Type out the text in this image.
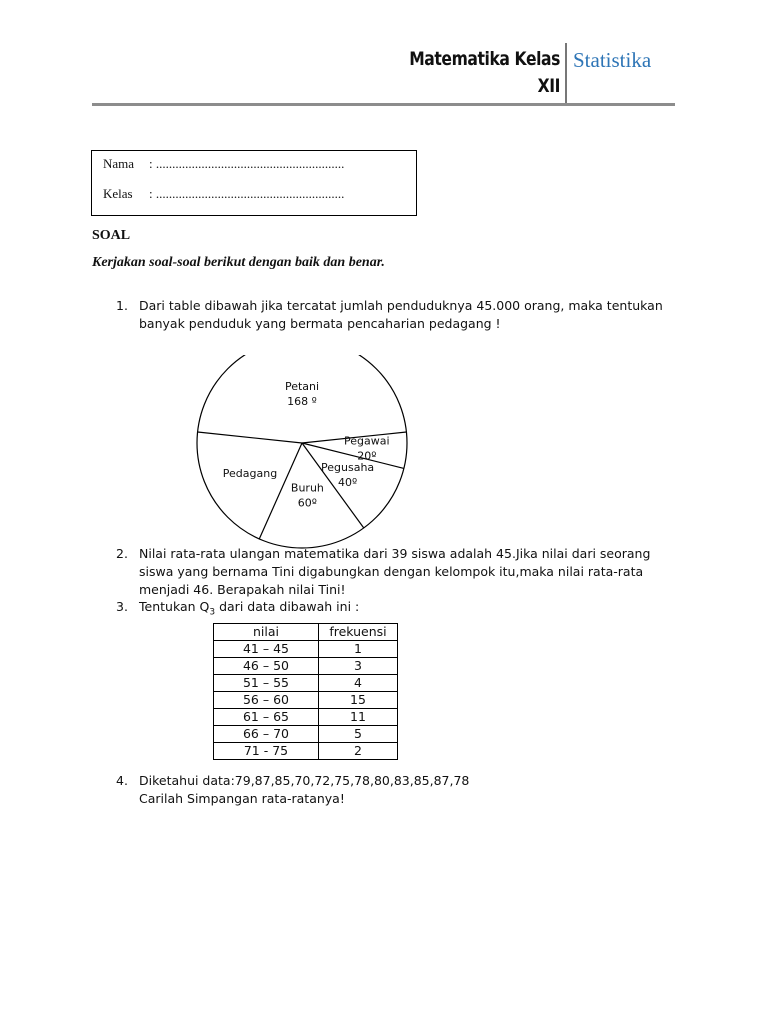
Matematika Kelas
XII
Statistika
Nama : ..........................................................
Kelas : ..........................................................
SOAL
Kerjakan soal-soal berikut dengan baik dan benar.
1. Dari table dibawah jika tercatat jumlah penduduknya 45.000 orang, maka tentukan banyak penduduk yang bermata pencaharian pedagang !
Petani
168 º
Pegawai
20º
Pegusaha
40º
Buruh
60º
Pedagang
2. Nilai rata-rata ulangan matematika dari 39 siswa adalah 45.Jika nilai dari seorang siswa yang bernama Tini digabungkan dengan kelompok itu,maka nilai rata-rata menjadi 46. Berapakah nilai Tini!
3. Tentukan $Q_3$ dari data dibawah ini :
nilai	frekuensi
41 – 45	1
46 – 50	3
51 – 55	4
56 – 60	15
61 – 65	11
66 – 70	5
71 - 75	2
4. Diketahui data:79,87,85,70,72,75,78,80,83,85,87,78
Carilah Simpangan rata-ratanya!
